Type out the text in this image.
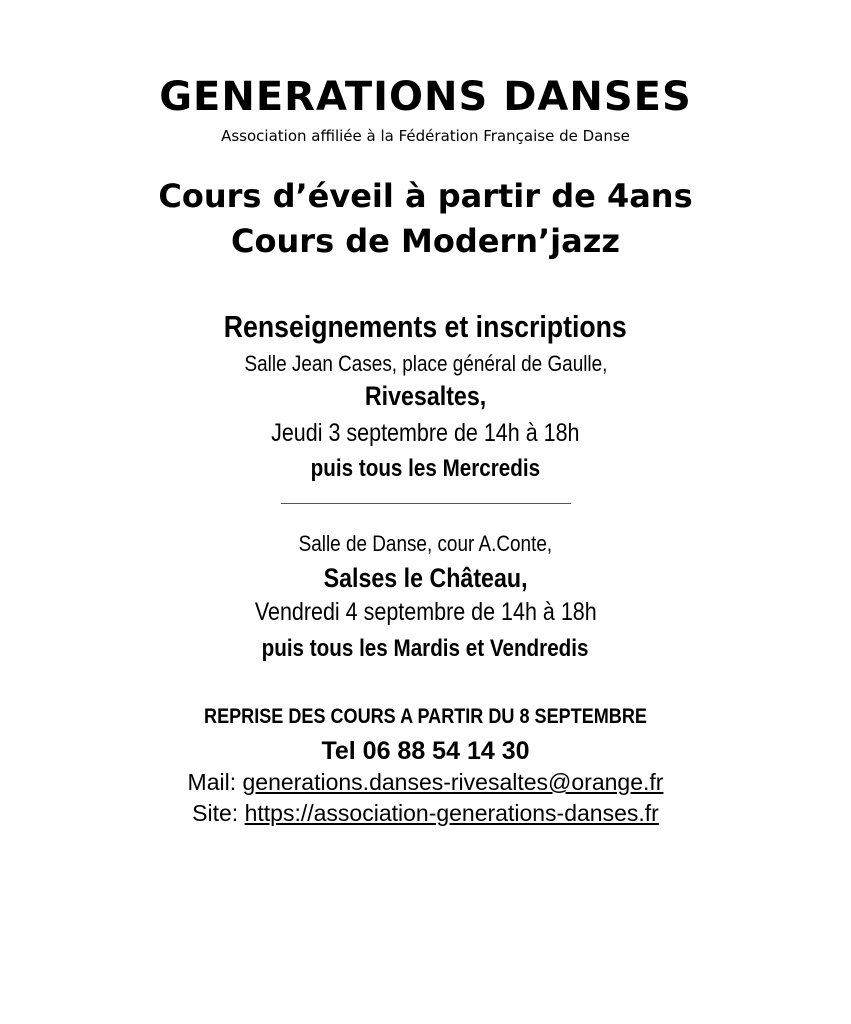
GENERATIONS DANSES
Association affiliée à la Fédération Française de Danse
Cours d’éveil à partir de 4ans
Cours de Modern’jazz
Renseignements et inscriptions
Salle Jean Cases, place général de Gaulle,
Rivesaltes,
Jeudi 3 septembre de 14h à 18h
puis tous les Mercredis
Salle de Danse, cour A.Conte,
Salses le Château,
Vendredi 4 septembre de 14h à 18h
puis tous les Mardis et Vendredis
REPRISE DES COURS A PARTIR DU 8 SEPTEMBRE
Tel 06 88 54 14 30
Mail: generations.danses-rivesaltes@orange.fr
Site: https://association-generations-danses.fr
